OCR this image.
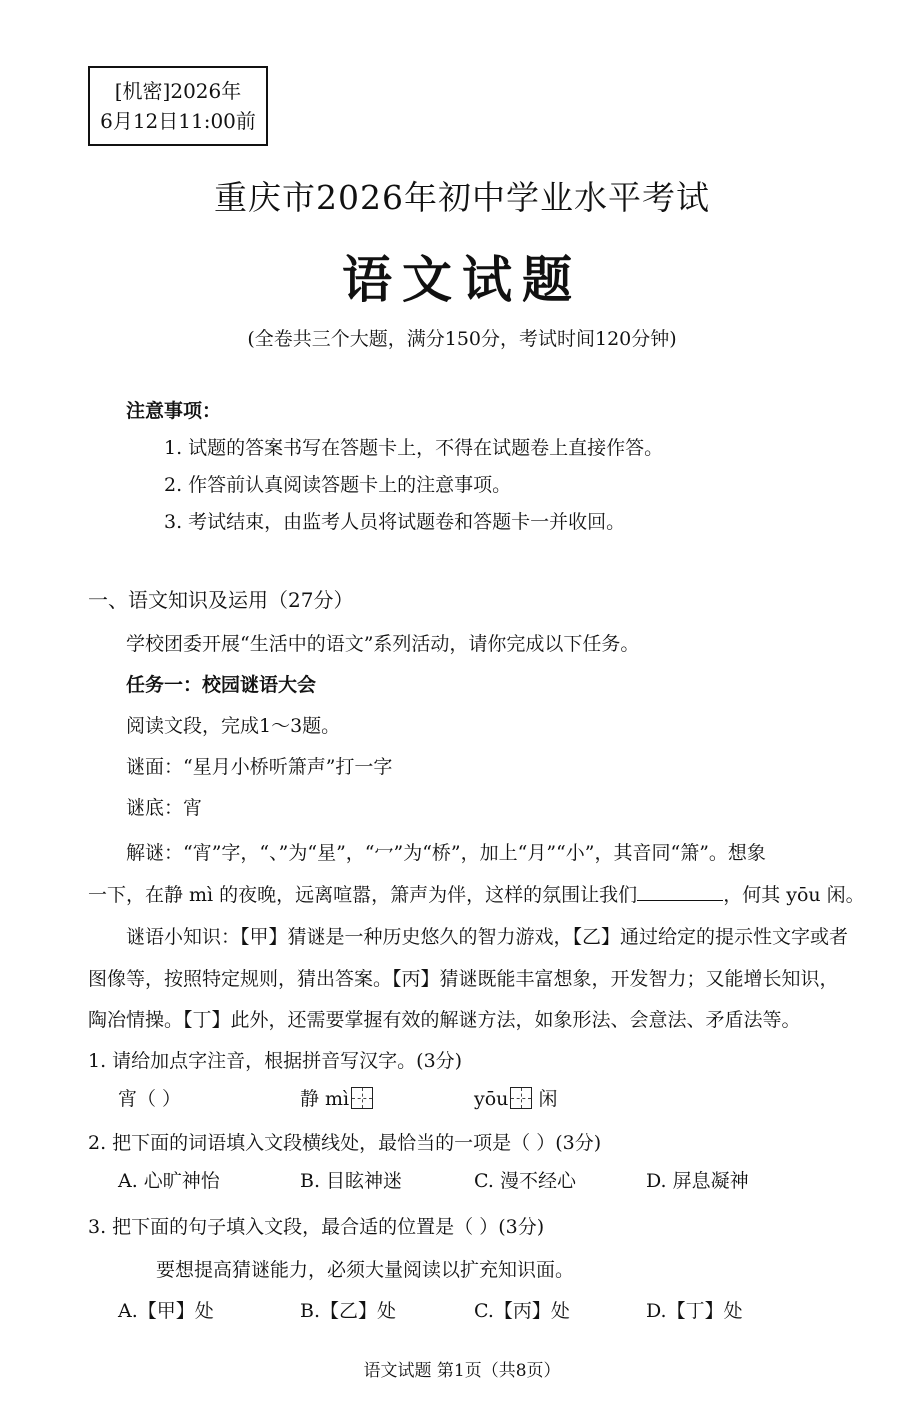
[机密]2026年
6月12日11:00前
重庆市2026年初中学业水平考试
语文试题
(全卷共三个大题，满分150分，考试时间120分钟)
注意事项：
1. 试题的答案书写在答题卡上，不得在试题卷上直接作答。
2. 作答前认真阅读答题卡上的注意事项。
3. 考试结束，由监考人员将试题卷和答题卡一并收回。
一、语文知识及运用（27分）
学校团委开展“生活中的语文”系列活动，请你完成以下任务。
任务一：校园谜语大会
阅读文段，完成1～3题。
谜面：“星月小桥听箫声”打一字
谜底：宵
解谜：“宵”字，“、”为“星”，“冖”为“桥”，加上“月”“小”，其音同“箫”。想象
一下，在静 mì 的夜晚，远离喧嚣，箫声为伴，这样的氛围让我们	，何其 yōu 闲。
谜语小知识：【甲】猜谜是一种历史悠久的智力游戏，【乙】通过给定的提示性文字或者
图像等，按照特定规则，猜出答案。【丙】猜谜既能丰富想象，开发智力；又能增长知识，
陶冶情操。【丁】此外，还需要掌握有效的解谜方法，如象形法、会意法、矛盾法等。
1. 请给加点字注音，根据拼音写汉字。(3分)
宵（ ）	静 mì	yōu 闲
2. 把下面的词语填入文段横线处，最恰当的一项是（ ）(3分)
A. 心旷神怡	B. 目眩神迷	C. 漫不经心	D. 屏息凝神
3. 把下面的句子填入文段，最合适的位置是（ ）(3分)
要想提高猜谜能力，必须大量阅读以扩充知识面。
A.【甲】处	B.【乙】处	C.【丙】处	D.【丁】处
语文试题 第1页（共8页）
